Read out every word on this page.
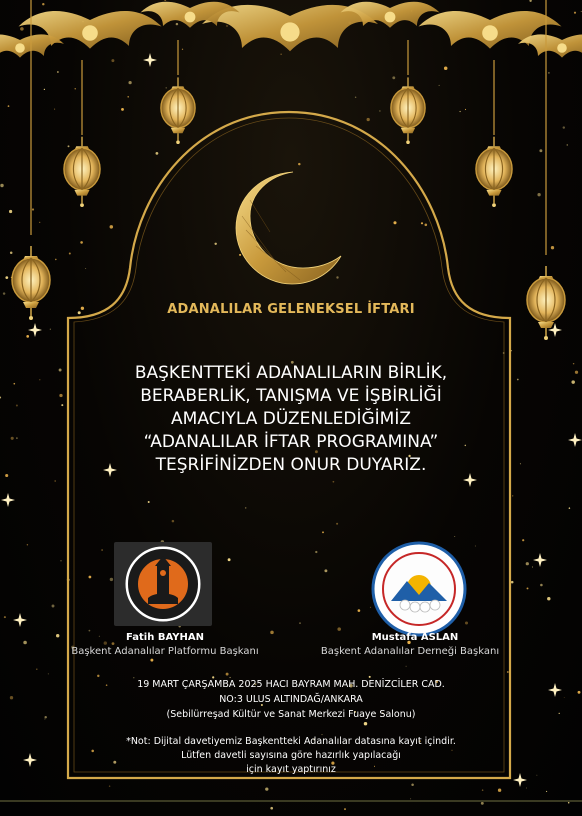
ADANALILAR GELENEKSEL İFTARI
BAŞKENTTEKİ ADANALILARIN BİRLİK,
BERABERLİK, TANIŞMA VE İŞBİRLİĞİ
AMACIYLA DÜZENLEDİĞİMİZ
“ADANALILAR İFTAR PROGRAMINA”
TEŞRİFİNİZDEN ONUR DUYARIZ.
Fatih BAYHAN
Başkent Adanalılar Platformu Başkanı
Mustafa ASLAN
Başkent Adanalılar Derneği Başkanı
19 MART ÇARŞAMBA 2025 HACI BAYRAM MAH. DENİZCİLER CAD.
NO:3 ULUS ALTINDAĞ/ANKARA
(Sebilürreşad Kültür ve Sanat Merkezi Fuaye Salonu)
*Not: Dijital davetiyemiz Başkentteki Adanalılar datasına kayıt içindir.
Lütfen davetli sayısına göre hazırlık yapılacağı
için kayıt yaptırınız
